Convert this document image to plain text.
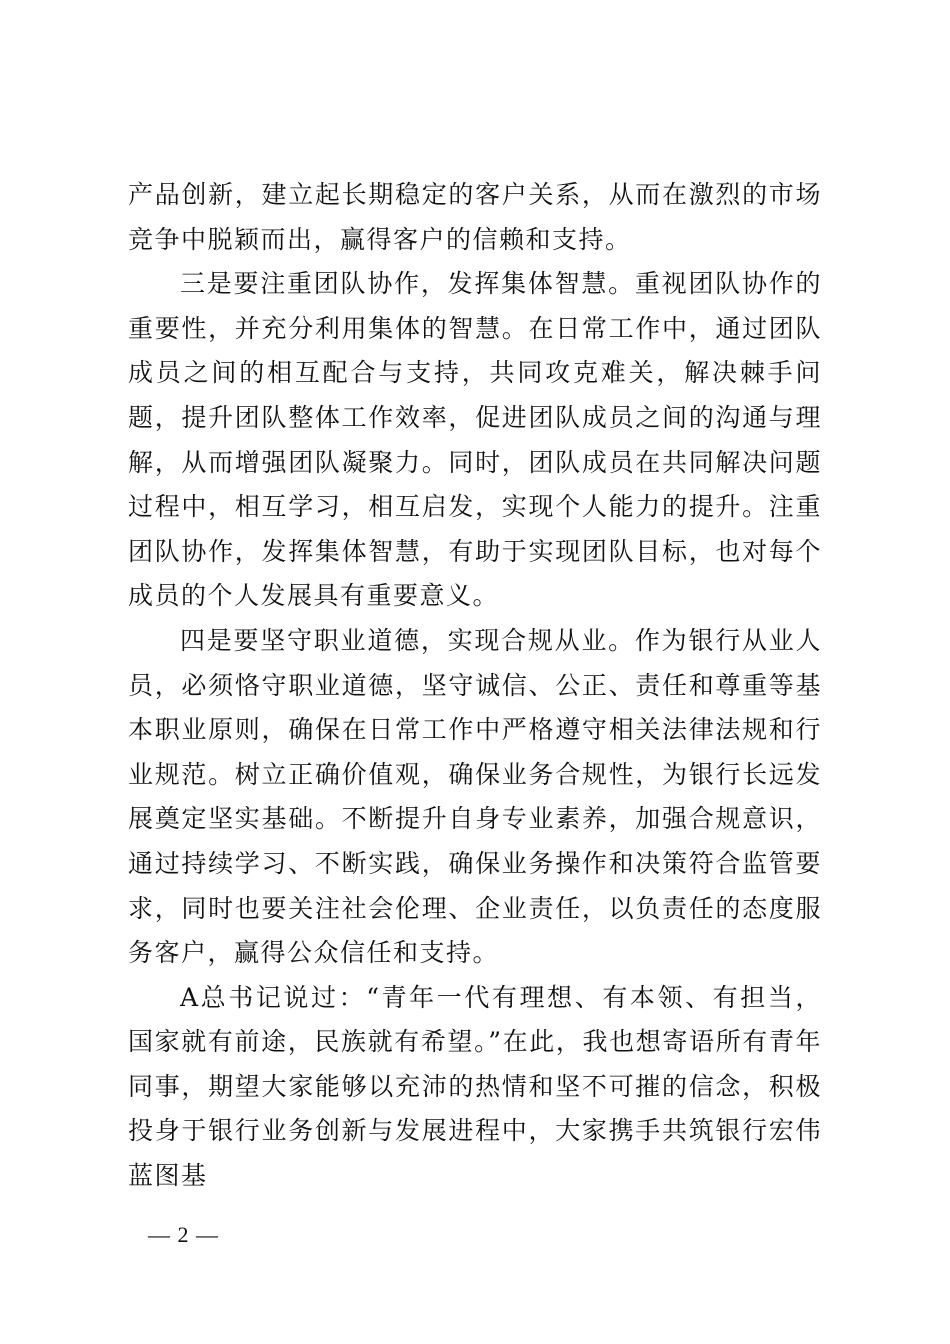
产品创新，建立起长期稳定的客户关系，从而在激烈的市场竞争中脱颖而出，赢得客户的信赖和支持。

三是要注重团队协作，发挥集体智慧。重视团队协作的重要性，并充分利用集体的智慧。在日常工作中，通过团队成员之间的相互配合与支持，共同攻克难关，解决棘手问题，提升团队整体工作效率，促进团队成员之间的沟通与理解，从而增强团队凝聚力。同时，团队成员在共同解决问题过程中，相互学习，相互启发，实现个人能力的提升。注重团队协作，发挥集体智慧，有助于实现团队目标，也对每个成员的个人发展具有重要意义。

四是要坚守职业道德，实现合规从业。作为银行从业人员，必须恪守职业道德，坚守诚信、公正、责任和尊重等基本职业原则，确保在日常工作中严格遵守相关法律法规和行业规范。树立正确价值观，确保业务合规性，为银行长远发展奠定坚实基础。不断提升自身专业素养，加强合规意识，通过持续学习、不断实践，确保业务操作和决策符合监管要求，同时也要关注社会伦理、企业责任，以负责任的态度服务客户，赢得公众信任和支持。

A总书记说过：“青年一代有理想、有本领、有担当，国家就有前途，民族就有希望。”在此，我也想寄语所有青年同事，期望大家能够以充沛的热情和坚不可摧的信念，积极投身于银行业务创新与发展进程中，大家携手共筑银行宏伟蓝图基

— 2 —
